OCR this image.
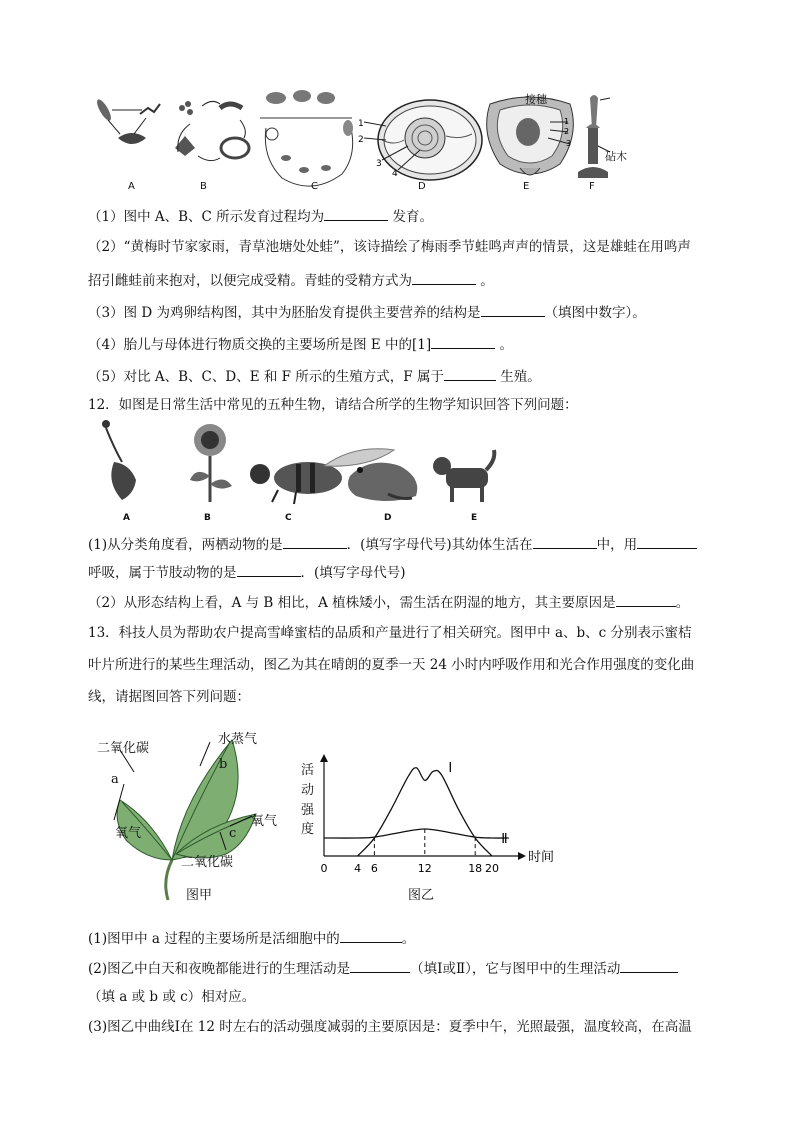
1
2
3
4
1
2
3
接穗
砧木
A	B	C	D	E	F
（1）图中 A、B、C 所示发育过程均为	发育。
（2）“黄梅时节家家雨，青草池塘处处蛙”，该诗描绘了梅雨季节蛙鸣声声的情景，这是雄蛙在用鸣声
招引雌蛙前来抱对，以便完成受精。青蛙的受精方式为	。
（3）图 D 为鸡卵结构图，其中为胚胎发育提供主要营养的结构是	（填图中数字）。
（4）胎儿与母体进行物质交换的主要场所是图 E 中的[1]	。
（5）对比 A、B、C、D、E 和 F 所示的生殖方式，F 属于	生殖。
12．如图是日常生活中常见的五种生物，请结合所学的生物学知识回答下列问题：
A	B	C	D	E
(1)从分类角度看，两栖动物的是	．(填写字母代号)其幼体生活在	中，用
呼吸，属于节肢动物的是	．(填写字母代号)
（2）从形态结构上看，A 与 B 相比，A 植株矮小，需生活在阴湿的地方，其主要原因是	。
13．科技人员为帮助农户提高雪峰蜜桔的品质和产量进行了相关研究。图甲中 a、b、c 分别表示蜜桔
叶片所进行的某些生理活动，图乙为其在晴朗的夏季一天 24 小时内呼吸作用和光合作用强度的变化曲
线，请据图回答下列问题：
二氧化碳
水蒸气
a
b
氧气
氧气
c
二氧化碳
图甲
0 4 6	12	18 20
Ⅰ
Ⅱ
时间
活
动
强
度
图乙
(1)图甲中 a 过程的主要场所是活细胞中的	。
(2)图乙中白天和夜晚都能进行的生理活动是	（填Ⅰ或Ⅱ），它与图甲中的生理活动
（填 a 或 b 或 c）相对应。
(3)图乙中曲线Ⅰ在 12 时左右的活动强度减弱的主要原因是：夏季中午，光照最强，温度较高，在高温
